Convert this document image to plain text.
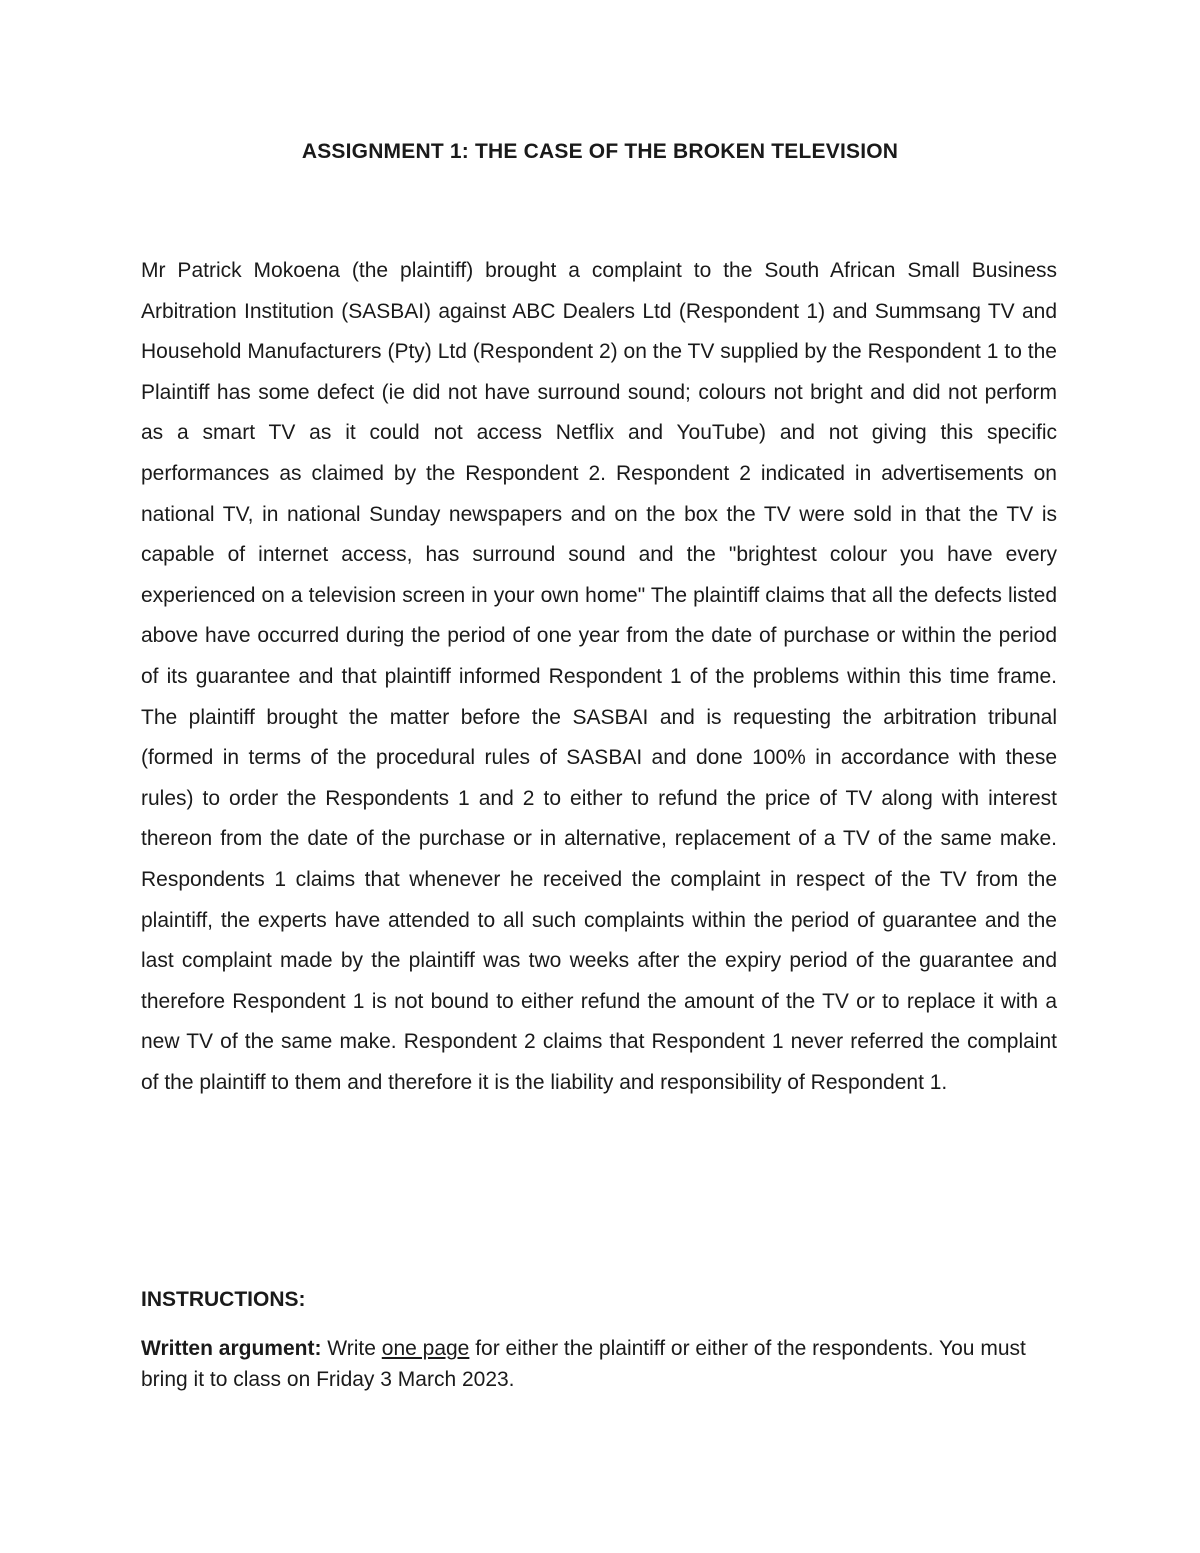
ASSIGNMENT 1: THE CASE OF THE BROKEN TELEVISION

Mr Patrick Mokoena (the plaintiff) brought a complaint to the South African Small Business Arbitration Institution (SASBAI) against ABC Dealers Ltd (Respondent 1) and Summsang TV and Household Manufacturers (Pty) Ltd (Respondent 2) on the TV supplied by the Respondent 1 to the Plaintiff has some defect (ie did not have surround sound; colours not bright and did not perform as a smart TV as it could not access Netflix and YouTube) and not giving this specific performances as claimed by the Respondent 2. Respondent 2 indicated in advertisements on national TV, in national Sunday newspapers and on the box the TV were sold in that the TV is capable of internet access, has surround sound and the "brightest colour you have every experienced on a television screen in your own home" The plaintiff claims that all the defects listed above have occurred during the period of one year from the date of purchase or within the period of its guarantee and that plaintiff informed Respondent 1 of the problems within this time frame. The plaintiff brought the matter before the SASBAI and is requesting the arbitration tribunal (formed in terms of the procedural rules of SASBAI and done 100% in accordance with these rules) to order the Respondents 1 and 2 to either to refund the price of TV along with interest thereon from the date of the purchase or in alternative, replacement of a TV of the same make. Respondents 1 claims that whenever he received the complaint in respect of the TV from the plaintiff, the experts have attended to all such complaints within the period of guarantee and the last complaint made by the plaintiff was two weeks after the expiry period of the guarantee and therefore Respondent 1 is not bound to either refund the amount of the TV or to replace it with a new TV of the same make. Respondent 2 claims that Respondent 1 never referred the complaint of the plaintiff to them and therefore it is the liability and responsibility of Respondent 1.

INSTRUCTIONS:

Written argument: Write one page for either the plaintiff or either of the respondents. You must bring it to class on Friday 3 March 2023.
